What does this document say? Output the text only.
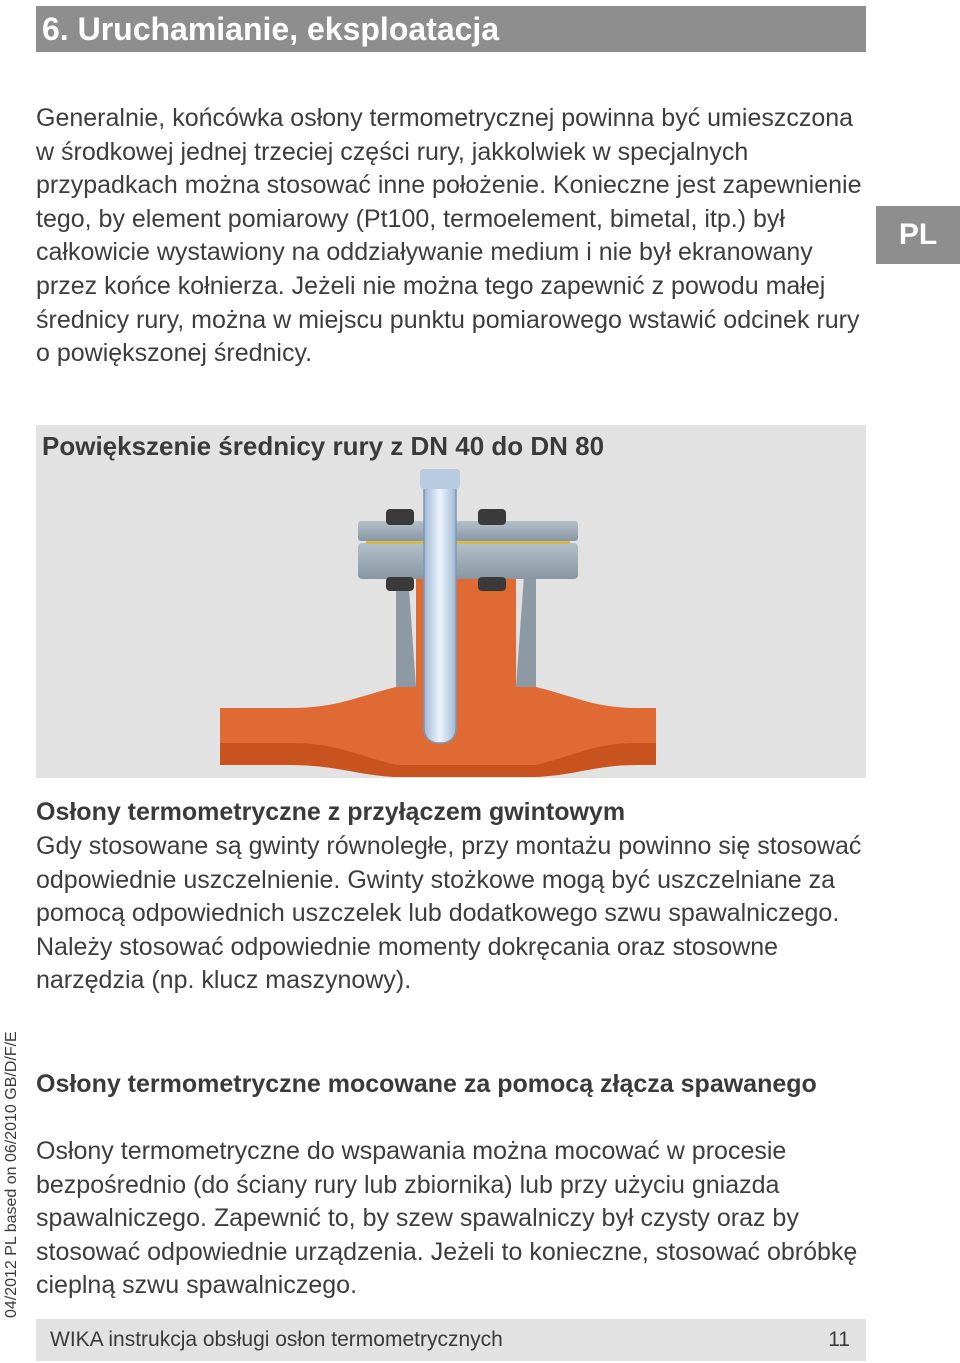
6. Uruchamianie, eksploatacja
PL

Generalnie, końcówka osłony termometrycznej powinna być umieszczona w środkowej jednej trzeciej części rury, jakkolwiek w specjalnych przypadkach można stosować inne położenie. Konieczne jest zapewnienie tego, by element pomiarowy (Pt100, termoelement, bimetal, itp.) był całkowicie wystawiony na oddziaływanie medium i nie był ekranowany przez końce kołnierza. Jeżeli nie można tego zapewnić z powodu małej średnicy rury, można w miejscu punktu pomiarowego wstawić odcinek rury o powiększonej średnicy.

Powiększenie średnicy rury z DN 40 do DN 80
Osłony termometryczne z przyłączem gwintowym

Gdy stosowane są gwinty równoległe, przy montażu powinno się stosować odpowiednie uszczelnienie. Gwinty stożkowe mogą być uszczelniane za pomocą odpowiednich uszczelek lub dodatkowego szwu spawalniczego. Należy stosować odpowiednie momenty dokręcania oraz stosowne narzędzia (np. klucz maszynowy).

Osłony termometryczne mocowane za pomocą złącza spawanego

Osłony termometryczne do wspawania można mocować w procesie bezpośrednio (do ściany rury lub zbiornika) lub przy użyciu gniazda spawalniczego. Zapewnić to, by szew spawalniczy był czysty oraz by stosować odpowiednie urządzenia. Jeżeli to konieczne, stosować obróbkę cieplną szwu spawalniczego.

04/2012 PL based on 06/2010 GB/D/F/E
WIKA instrukcja obsługi osłon termometrycznych	11
